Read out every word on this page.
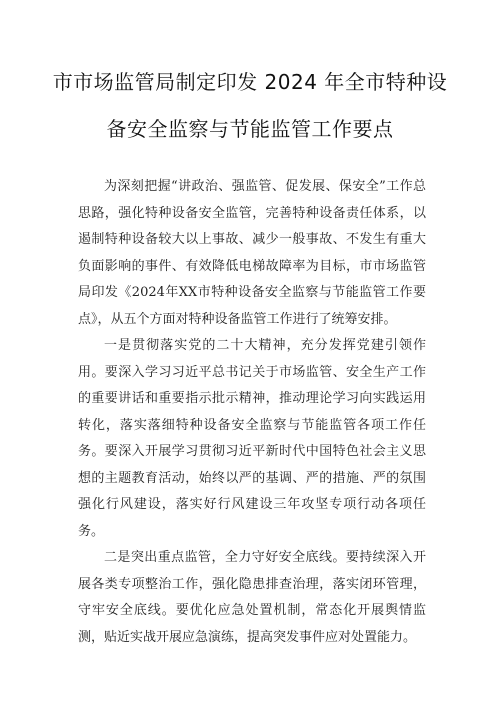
市市场监管局制定印发 2024 年全市特种设
备安全监察与节能监管工作要点

为深刻把握“讲政治、强监管、促发展、保安全”工作总思路，强化特种设备安全监管，完善特种设备责任体系，以遏制特种设备较大以上事故、减少一般事故、不发生有重大负面影响的事件、有效降低电梯故障率为目标，市市场监管局印发《2024年XX市特种设备安全监察与节能监管工作要点》，从五个方面对特种设备监管工作进行了统筹安排。

一是贯彻落实党的二十大精神，充分发挥党建引领作用。要深入学习习近平总书记关于市场监管、安全生产工作的重要讲话和重要指示批示精神，推动理论学习向实践运用转化，落实落细特种设备安全监察与节能监管各项工作任务。要深入开展学习贯彻习近平新时代中国特色社会主义思想的主题教育活动，始终以严的基调、严的措施、严的氛围强化行风建设，落实好行风建设三年攻坚专项行动各项任务。

二是突出重点监管，全力守好安全底线。要持续深入开展各类专项整治工作，强化隐患排查治理，落实闭环管理，守牢安全底线。要优化应急处置机制，常态化开展舆情监测，贴近实战开展应急演练，提高突发事件应对处置能力。
